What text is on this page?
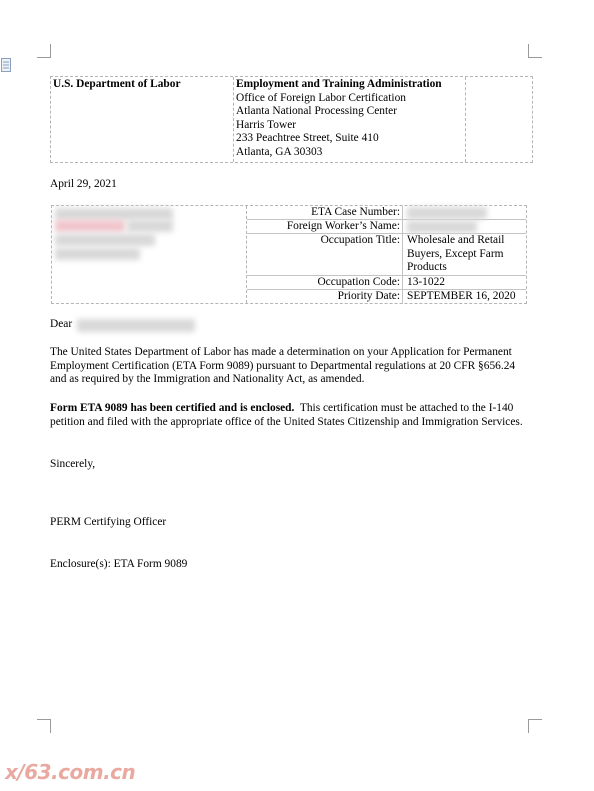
U.S. Department of Labor	Employment and Training Administration
Office of Foreign Labor Certification
Atlanta National Processing Center
Harris Tower
233 Peachtree Street, Suite 410
Atlanta, GA 30303
April 29, 2021
ETA Case Number:
Foreign Worker’s Name:
Occupation Title: Wholesale and Retail Buyers, Except Farm Products
Occupation Code: 13-1022
Priority Date: SEPTEMBER 16, 2020
Dear
The United States Department of Labor has made a determination on your Application for Permanent Employment Certification (ETA Form 9089) pursuant to Departmental regulations at 20 CFR §656.24 and as required by the Immigration and Nationality Act, as amended.
Form ETA 9089 has been certified and is enclosed. This certification must be attached to the I-140 petition and filed with the appropriate office of the United States Citizenship and Immigration Services.
Sincerely,
PERM Certifying Officer
Enclosure(s): ETA Form 9089
x/63.com.cn
